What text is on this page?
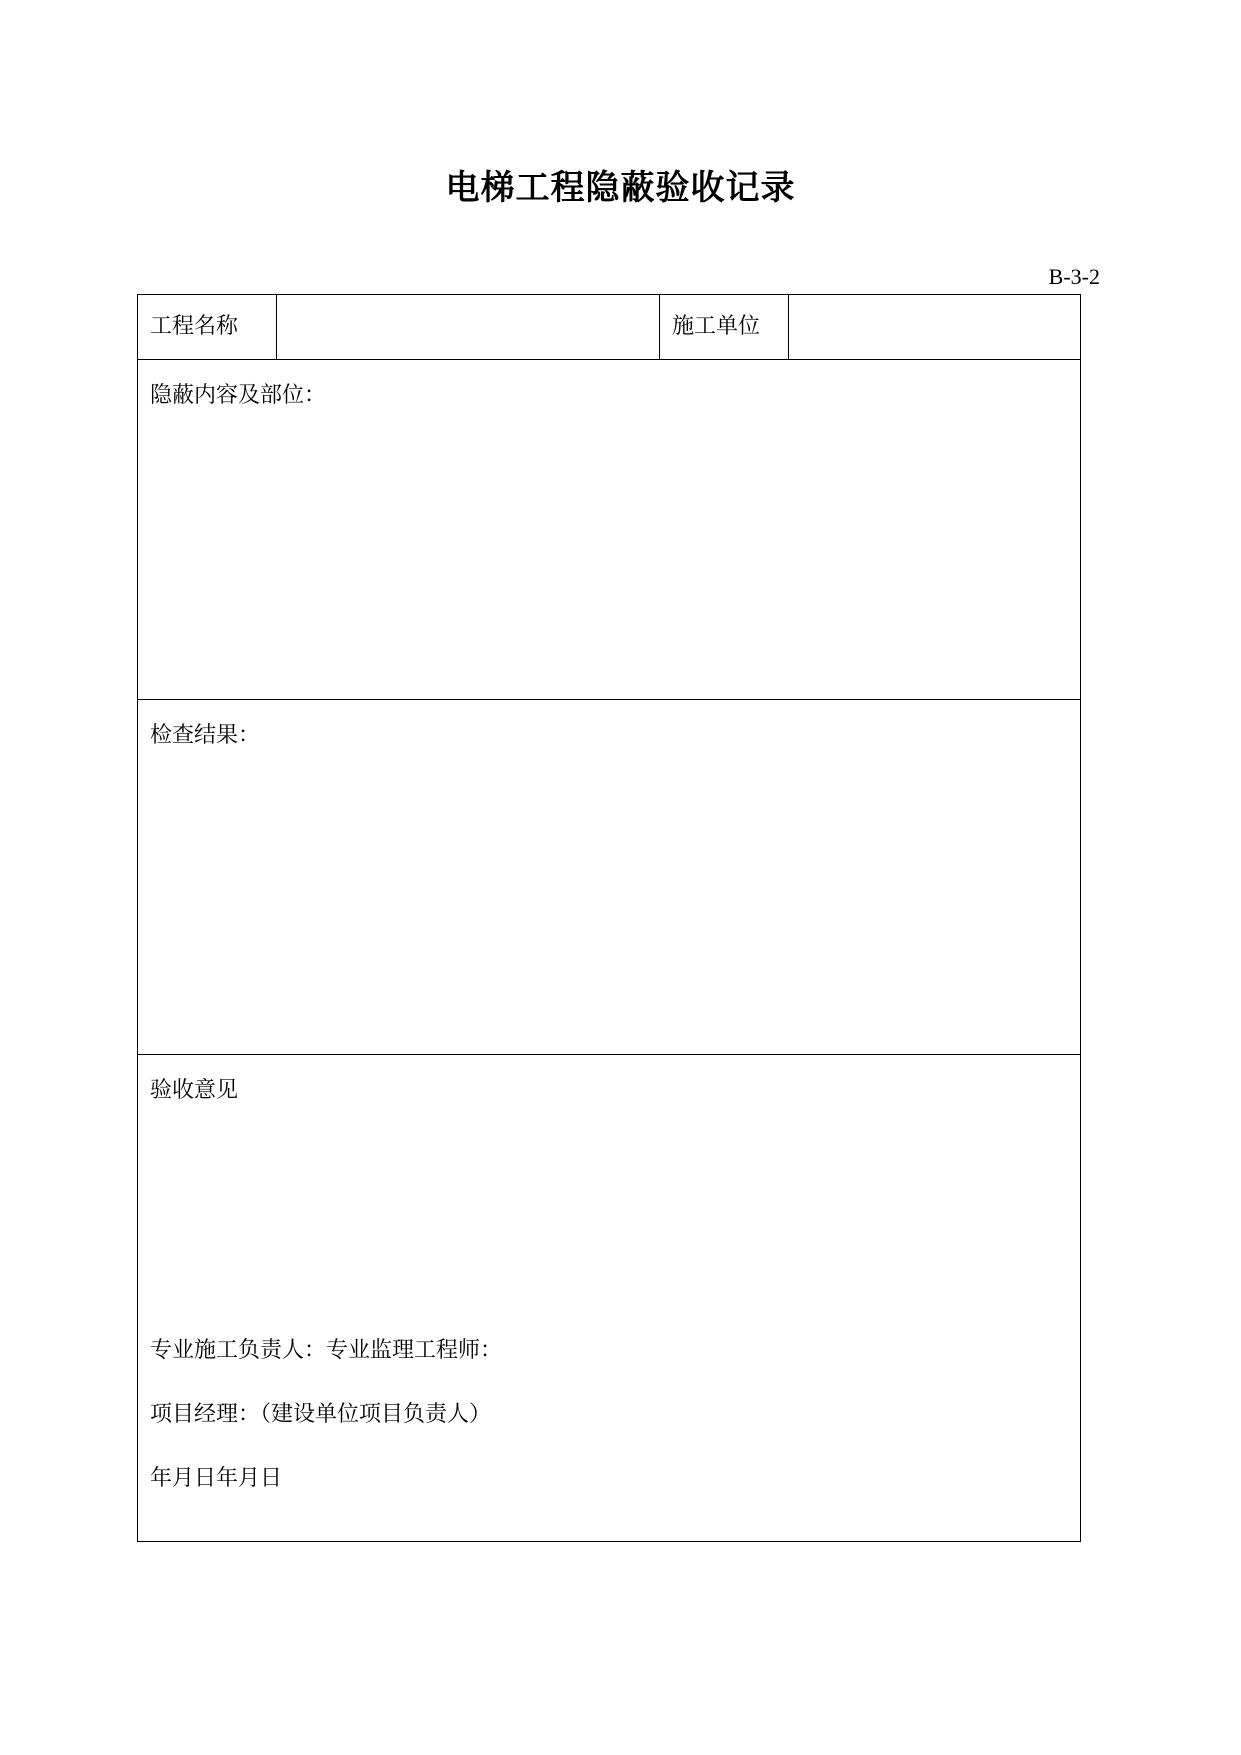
电梯工程隐蔽验收记录
B-3-2
工程名称	施工单位
隐蔽内容及部位：
检查结果：
验收意见
专业施工负责人：专业监理工程师：
项目经理：（建设单位项目负责人）
年月日年月日
